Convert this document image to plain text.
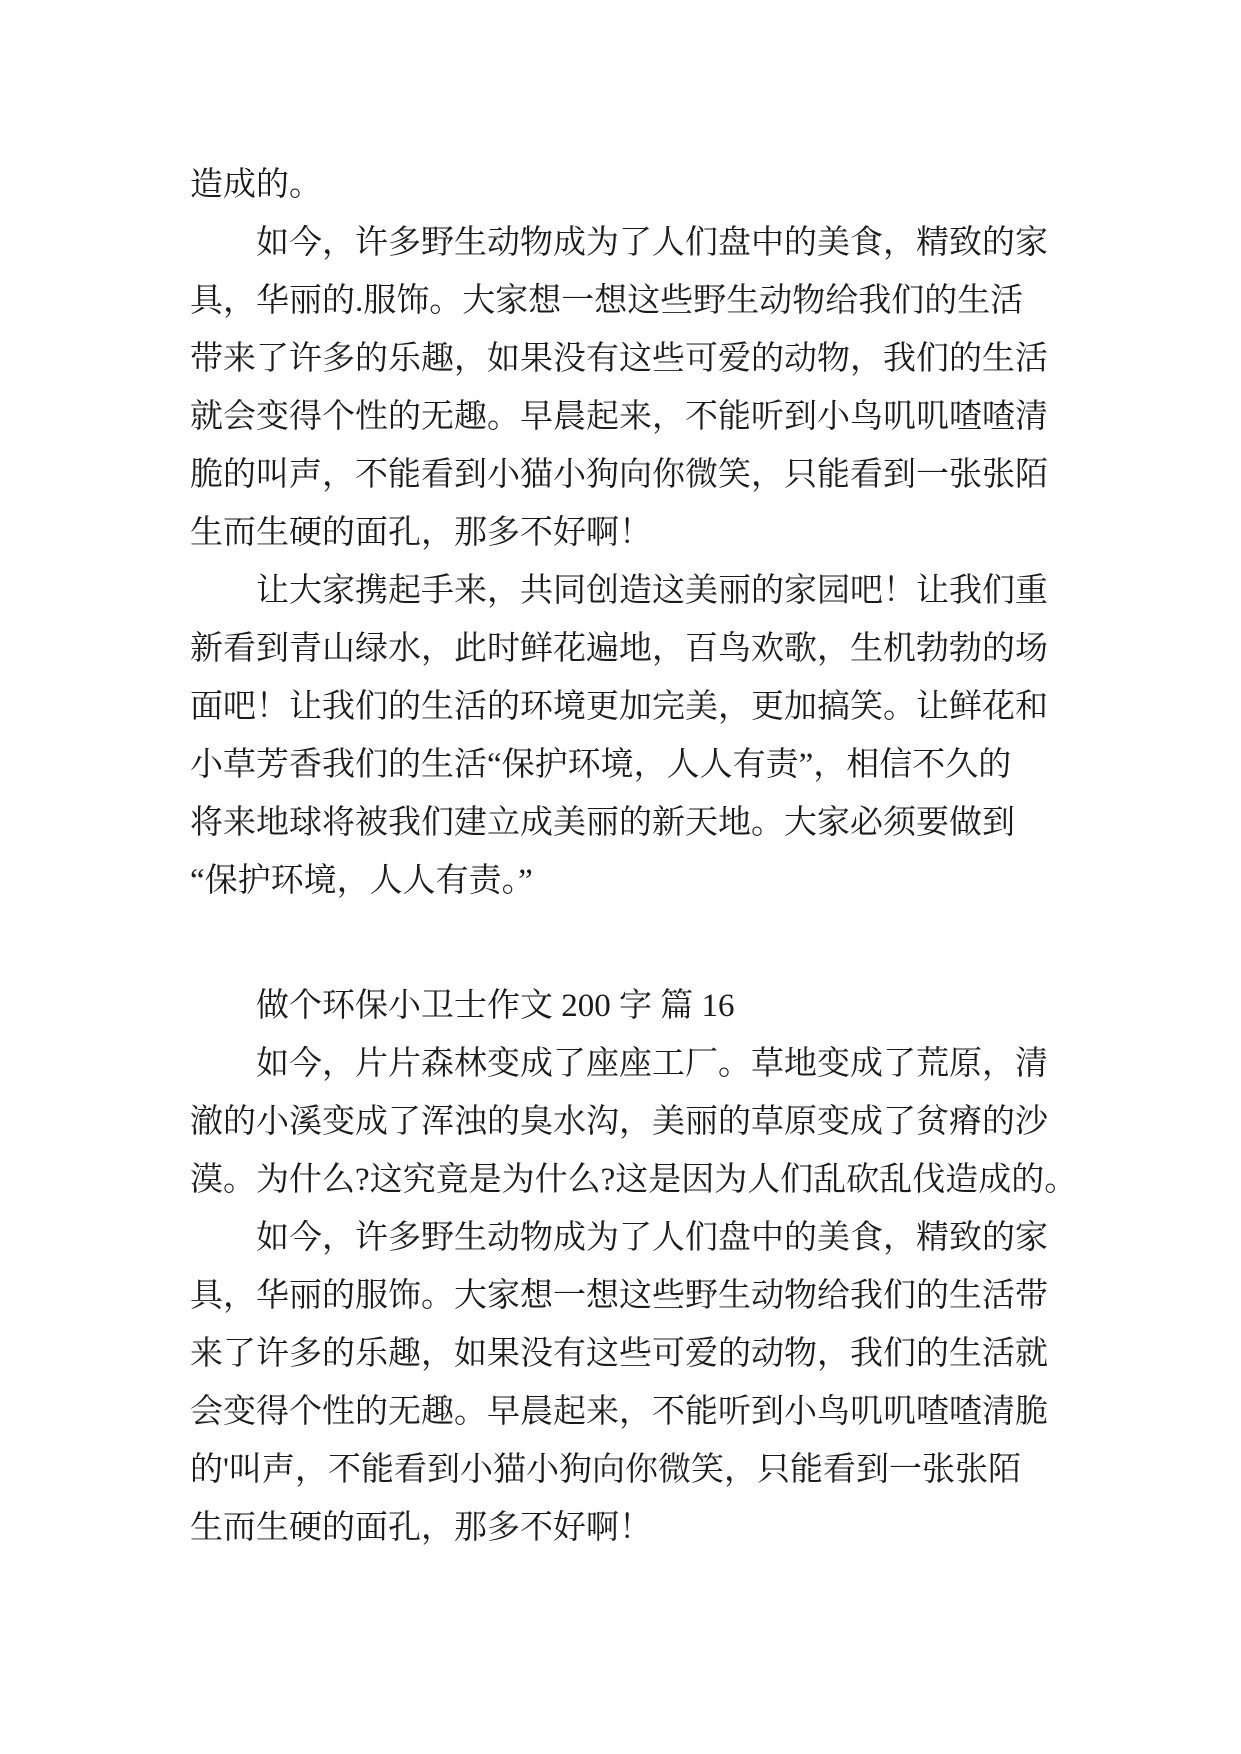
造成的。
如今，许多野生动物成为了人们盘中的美食，精致的家
具，华丽的.服饰。大家想一想这些野生动物给我们的生活
带来了许多的乐趣，如果没有这些可爱的动物，我们的生活
就会变得个性的无趣。早晨起来，不能听到小鸟叽叽喳喳清
脆的叫声，不能看到小猫小狗向你微笑，只能看到一张张陌
生而生硬的面孔，那多不好啊！
让大家携起手来，共同创造这美丽的家园吧！让我们重
新看到青山绿水，此时鲜花遍地，百鸟欢歌，生机勃勃的场
面吧！让我们的生活的环境更加完美，更加搞笑。让鲜花和
小草芳香我们的生活“保护环境，人人有责”，相信不久的
将来地球将被我们建立成美丽的新天地。大家必须要做到
“保护环境，人人有责。”
做个环保小卫士作文 200 字 篇 16
如今，片片森林变成了座座工厂。草地变成了荒原，清
澈的小溪变成了浑浊的臭水沟，美丽的草原变成了贫瘠的沙
漠。为什么?这究竟是为什么?这是因为人们乱砍乱伐造成的。
如今，许多野生动物成为了人们盘中的美食，精致的家
具，华丽的服饰。大家想一想这些野生动物给我们的生活带
来了许多的乐趣，如果没有这些可爱的动物，我们的生活就
会变得个性的无趣。早晨起来，不能听到小鸟叽叽喳喳清脆
的'叫声，不能看到小猫小狗向你微笑，只能看到一张张陌
生而生硬的面孔，那多不好啊！
